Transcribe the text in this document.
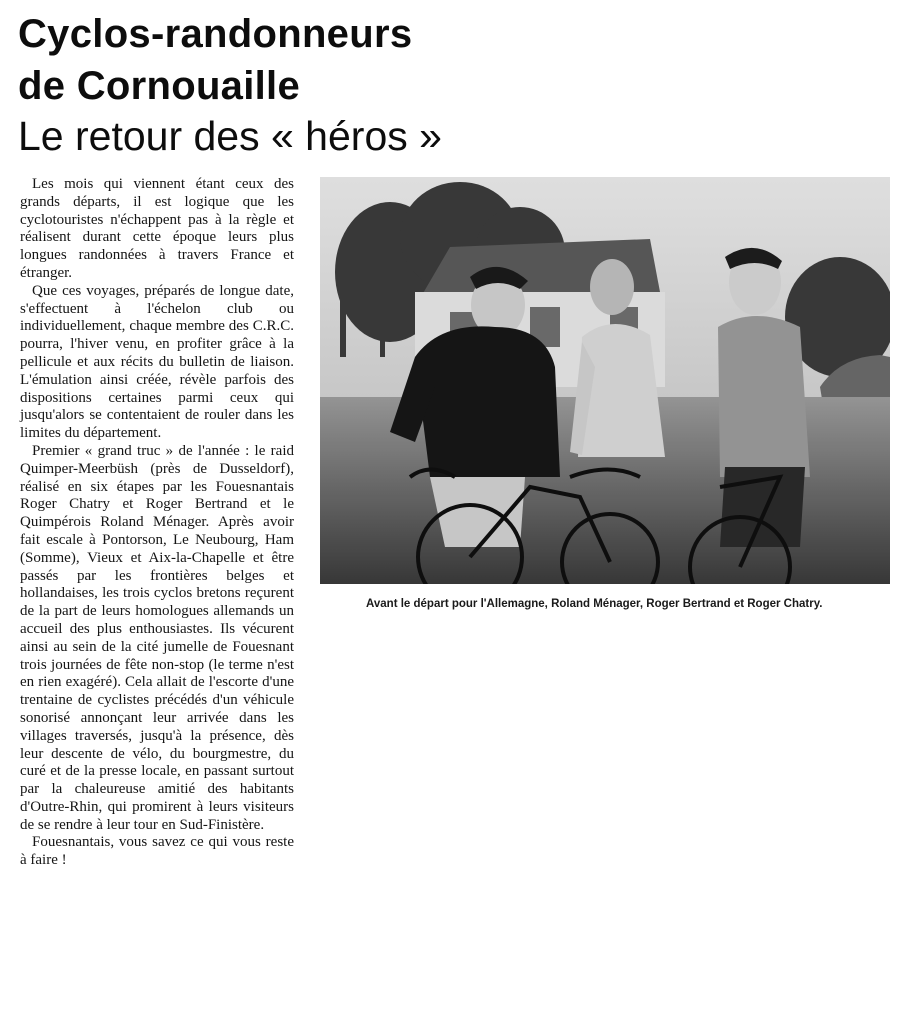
Cyclos-randonneurs
de Cornouaille
Le retour des « héros »

Les mois qui viennent étant ceux des grands départs, il est logique que les cyclotouristes n'échappent pas à la règle et réalisent durant cette époque leurs plus longues randonnées à travers France et étranger.

Que ces voyages, préparés de longue date, s'effectuent à l'échelon club ou individuellement, chaque membre des C.R.C. pourra, l'hiver venu, en profiter grâce à la pellicule et aux récits du bulletin de liaison. L'émulation ainsi créée, révèle parfois des dispositions certaines parmi ceux qui jusqu'alors se contentaient de rouler dans les limites du département.

Premier « grand truc » de l'année : le raid Quimper-Meerbüsh (près de Dusseldorf), réalisé en six étapes par les Fouesnantais Roger Chatry et Roger Bertrand et le Quimpérois Roland Ménager. Après avoir fait escale à Pontorson, Le Neubourg, Ham (Somme), Vieux et Aix-la-Chapelle et être passés par les frontières belges et hollandaises, les trois cyclos bretons reçurent de la part de leurs homologues allemands un accueil des plus enthousiastes. Ils vécurent ainsi au sein de la cité jumelle de Fouesnant trois journées de fête non-stop (le terme n'est en rien exagéré). Cela allait de l'escorte d'une trentaine de cyclistes précédés d'un véhicule sonorisé annonçant leur arrivée dans les villages traversés, jusqu'à la présence, dès leur descente de vélo, du bourgmestre, du curé et de la presse locale, en passant surtout par la chaleureuse amitié des habitants d'Outre-Rhin, qui promirent à leurs visiteurs de se rendre à leur tour en Sud-Finistère.

Fouesnantais, vous savez ce qui vous reste à faire !

Avant le départ pour l'Allemagne, Roland Ménager, Roger Bertrand et Roger Chatry.
